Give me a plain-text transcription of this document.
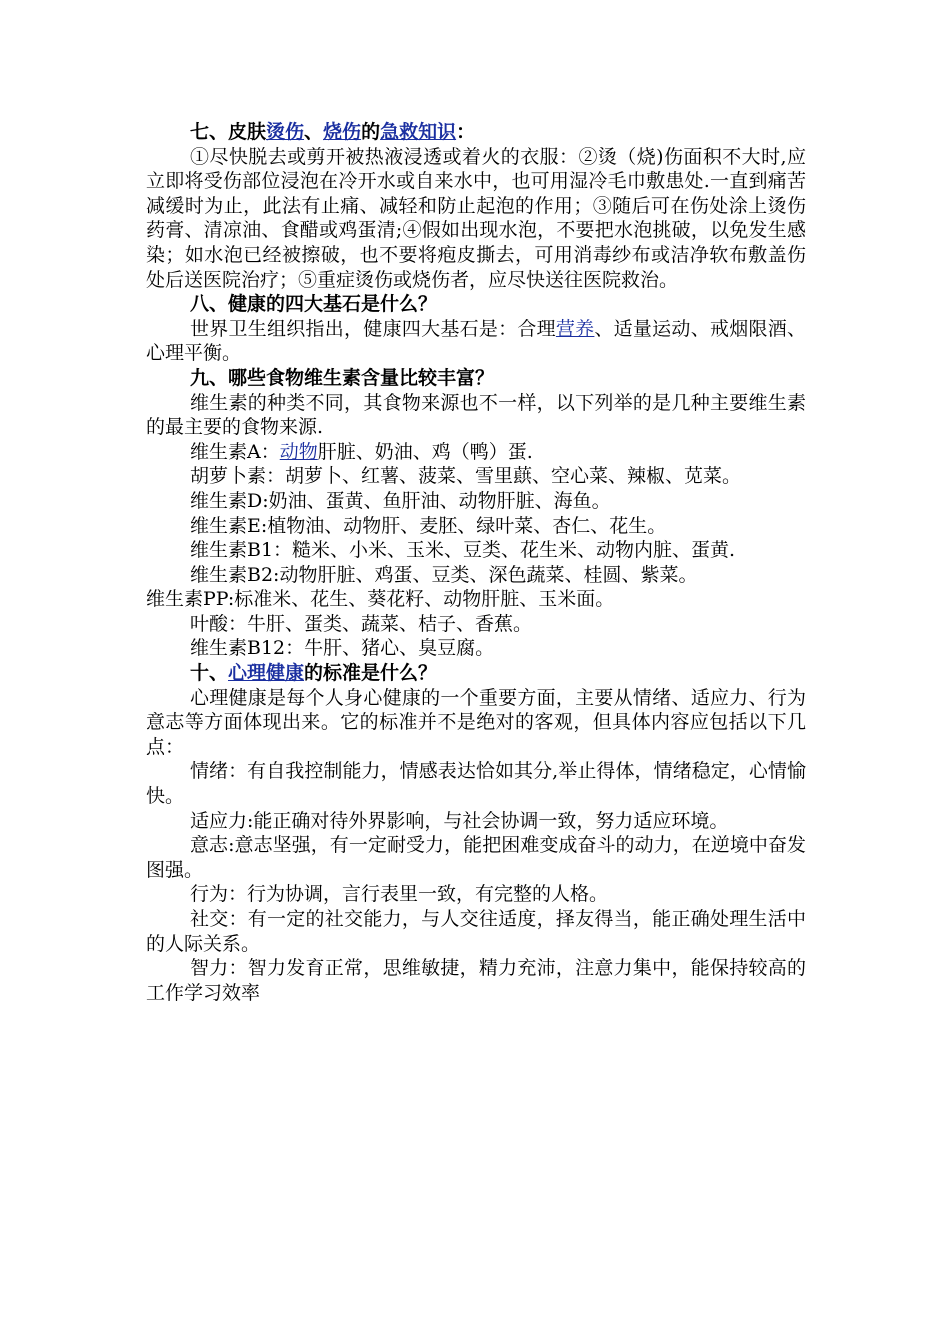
七、皮肤烫伤、烧伤的急救知识：

①尽快脱去或剪开被热液浸透或着火的衣服：②烫（烧)伤面积不大时,应立即将受伤部位浸泡在冷开水或自来水中，也可用湿冷毛巾敷患处.一直到痛苦减缓时为止，此法有止痛、减轻和防止起泡的作用；③随后可在伤处涂上烫伤药膏、清凉油、食醋或鸡蛋清;④假如出现水泡，不要把水泡挑破，以免发生感染；如水泡已经被擦破，也不要将疱皮撕去，可用消毒纱布或洁净软布敷盖伤处后送医院治疗；⑤重症烫伤或烧伤者，应尽快送往医院救治。

八、健康的四大基石是什么？

世界卫生组织指出，健康四大基石是：合理营养、适量运动、戒烟限酒、心理平衡。

九、哪些食物维生素含量比较丰富？

维生素的种类不同，其食物来源也不一样，以下列举的是几种主要维生素的最主要的食物来源.

维生素A：动物肝脏、奶油、鸡（鸭）蛋.

胡萝卜素：胡萝卜、红薯、菠菜、雪里蕻、空心菜、辣椒、苋菜。

维生素D:奶油、蛋黄、鱼肝油、动物肝脏、海鱼。

维生素E:植物油、动物肝、麦胚、绿叶菜、杏仁、花生。

维生素B1：糙米、小米、玉米、豆类、花生米、动物内脏、蛋黄.

维生素B2:动物肝脏、鸡蛋、豆类、深色蔬菜、桂圆、紫菜。

维生素PP:标准米、花生、葵花籽、动物肝脏、玉米面。

叶酸：牛肝、蛋类、蔬菜、桔子、香蕉。

维生素B12：牛肝、猪心、臭豆腐。

十、心理健康的标准是什么？

心理健康是每个人身心健康的一个重要方面，主要从情绪、适应力、行为意志等方面体现出来。它的标准并不是绝对的客观，但具体内容应包括以下几点：

情绪：有自我控制能力，情感表达恰如其分,举止得体，情绪稳定，心情愉快。

适应力:能正确对待外界影响，与社会协调一致，努力适应环境。

意志:意志坚强，有一定耐受力，能把困难变成奋斗的动力，在逆境中奋发图强。

行为：行为协调，言行表里一致，有完整的人格。

社交：有一定的社交能力，与人交往适度，择友得当，能正确处理生活中的人际关系。

智力：智力发育正常，思维敏捷，精力充沛，注意力集中，能保持较高的工作学习效率
